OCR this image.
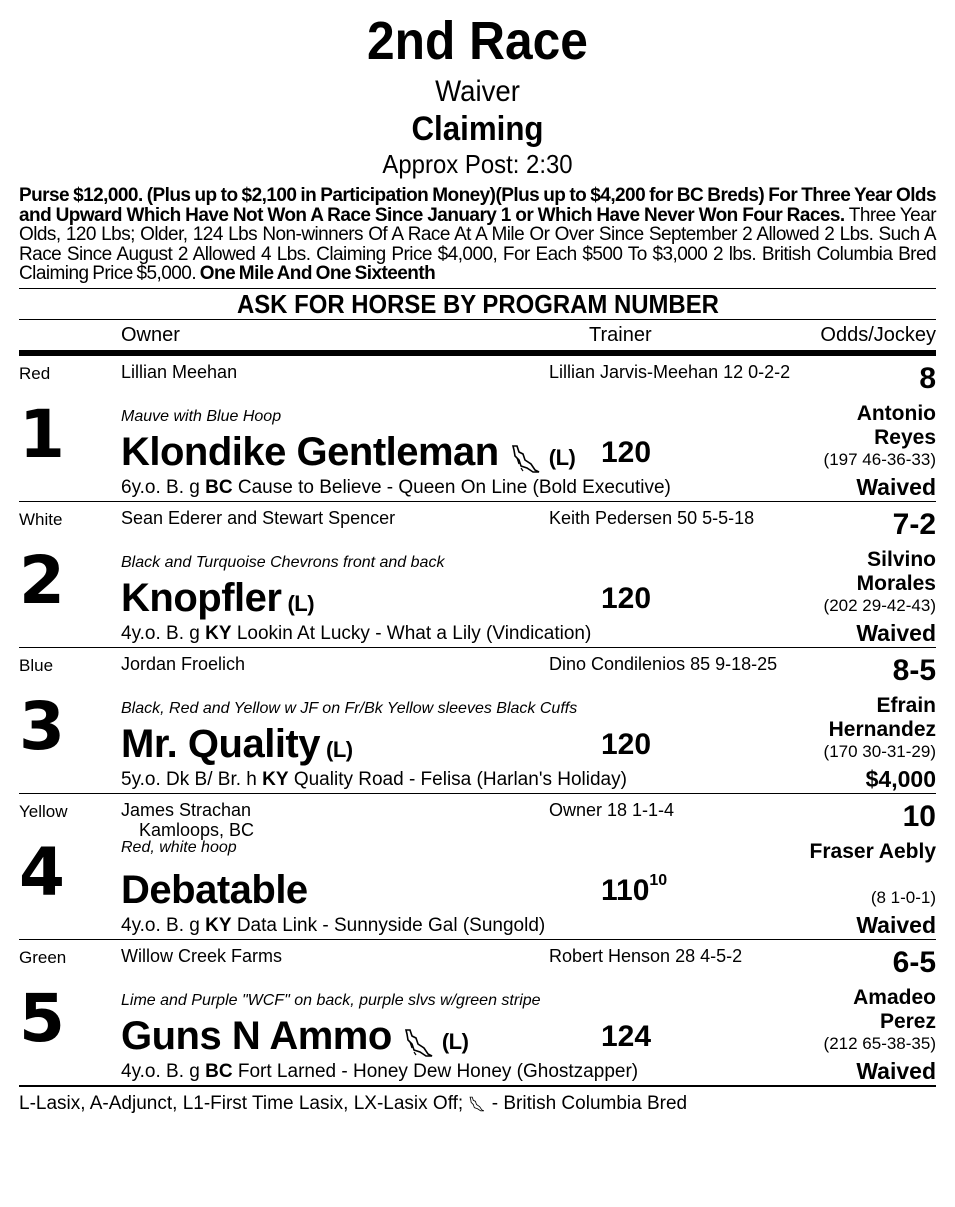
2nd Race
Waiver
Claiming
Approx Post: 2:30
Purse $12,000. (Plus up to $2,100 in Participation Money)(Plus up to $4,200 for BC Breds) For Three Year Olds and Upward Which Have Not Won A Race Since January 1 or Which Have Never Won Four Races. Three Year Olds, 120 Lbs; Older, 124 Lbs Non-winners Of A Race At A Mile Or Over Since September 2 Allowed 2 Lbs. Such A Race Since August 2 Allowed 4 Lbs. Claiming Price $4,000, For Each $500 To $3,000 2 lbs. British Columbia Bred Claiming Price $5,000. One Mile And One Sixteenth
ASK FOR HORSE BY PROGRAM NUMBER
Owner	Trainer	Odds/Jockey
Red	Lillian Meehan	Lillian Jarvis-Meehan 12 0-2-2	8
Mauve with Blue Hoop
1 Klondike Gentleman (L) 120
Antonio Reyes
(197 46-36-33)
6y.o. B. g BC Cause to Believe - Queen On Line (Bold Executive)	Waived
White	Sean Ederer and Stewart Spencer	Keith Pedersen 50 5-5-18	7-2
Black and Turquoise Chevrons front and back
2 Knopfler (L)	120
Silvino Morales
(202 29-42-43)
4y.o. B. g KY Lookin At Lucky - What a Lily (Vindication)	Waived
Blue	Jordan Froelich	Dino Condilenios 85 9-18-25	8-5
Black, Red and Yellow w JF on Fr/Bk Yellow sleeves Black Cuffs
3 Mr. Quality (L)	120
Efrain Hernandez
(170 30-31-29)
5y.o. Dk B/ Br. h KY Quality Road - Felisa (Harlan's Holiday)	$4,000
Yellow	James Strachan
Kamloops, BC
Owner 18 1-1-4	10
Red, white hoop
4 Debatable	$110^{10}$
Fraser Aebly
(8 1-0-1)
4y.o. B. g KY Data Link - Sunnyside Gal (Sungold)	Waived
Green	Willow Creek Farms	Robert Henson 28 4-5-2	6-5
Lime and Purple "WCF" on back, purple slvs w/green stripe
5 Guns N Ammo (L)	124
Amadeo Perez
(212 65-38-35)
4y.o. B. g BC Fort Larned - Honey Dew Honey (Ghostzapper)	Waived
L-Lasix, A-Adjunct, L1-First Time Lasix, LX-Lasix Off;  - British Columbia Bred
